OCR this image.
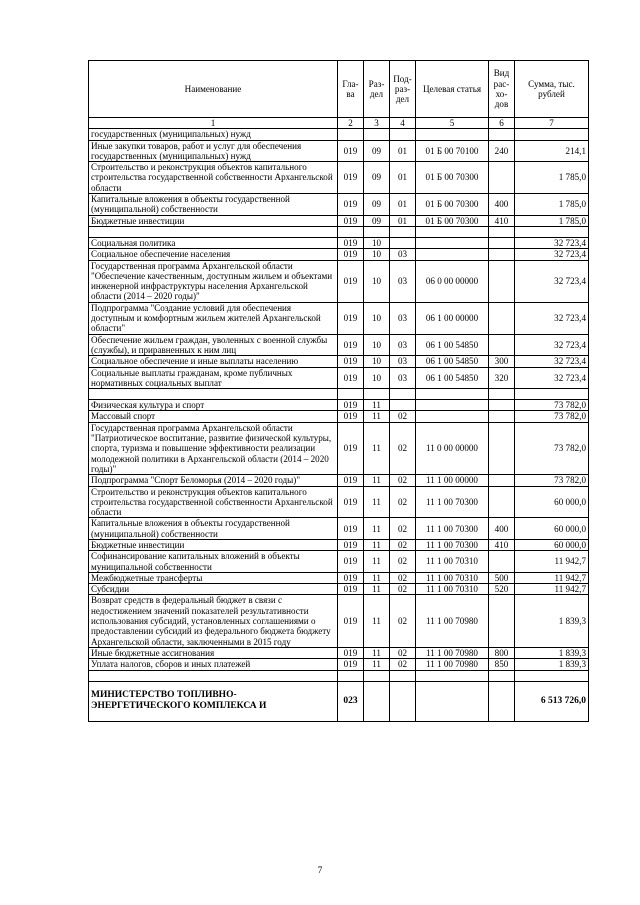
Наименование	Гла-ва	Раз-дел	Под-раз-дел	Целевая статья	Вид рас-хо-дов	Сумма, тыс. рублей
1	2	3	4	5	6	7
государственных (муниципальных) нужд						
Иные закупки товаров, работ и услуг для обеспечения государственных (муниципальных) нужд	019	09	01	01 Б 00 70100	240	214,1
Строительство и реконструкция объектов капитального строительства государственной собственности Архангельской области	019	09	01	01 Б 00 70300		1 785,0
Капитальные вложения в объекты государственной (муниципальной) собственности	019	09	01	01 Б 00 70300	400	1 785,0
Бюджетные инвестиции	019	09	01	01 Б 00 70300	410	1 785,0

Социальная политика	019	10				32 723,4
Социальное обеспечение населения	019	10	03			32 723,4
Государственная программа Архангельской области "Обеспечение качественным, доступным жильем и объектами инженерной инфраструктуры населения Архангельской области (2014 – 2020 годы)"	019	10	03	06 0 00 00000		32 723,4
Подпрограмма "Создание условий для обеспечения доступным и комфортным жильем жителей Архангельской области"	019	10	03	06 1 00 00000		32 723,4
Обеспечение жильем граждан, уволенных с военной службы (службы), и приравненных к ним лиц	019	10	03	06 1 00 54850		32 723,4
Социальное обеспечение и иные выплаты населению	019	10	03	06 1 00 54850	300	32 723,4
Социальные выплаты гражданам, кроме публичных нормативных социальных выплат	019	10	03	06 1 00 54850	320	32 723,4

Физическая культура и спорт	019	11				73 782,0
Массовый спорт	019	11	02			73 782,0
Государственная программа Архангельской области "Патриотическое воспитание, развитие физической культуры, спорта, туризма и повышение эффективности реализации молодежной политики в Архангельской области (2014 – 2020 годы)"	019	11	02	11 0 00 00000		73 782,0
Подпрограмма "Спорт Беломорья (2014 – 2020 годы)"	019	11	02	11 1 00 00000		73 782,0
Строительство и реконструкция объектов капитального строительства государственной собственности Архангельской области	019	11	02	11 1 00 70300		60 000,0
Капитальные вложения в объекты государственной (муниципальной) собственности	019	11	02	11 1 00 70300	400	60 000,0
Бюджетные инвестиции	019	11	02	11 1 00 70300	410	60 000,0
Софинансирование капитальных вложений в объекты муниципальной собственности	019	11	02	11 1 00 70310		11 942,7
Межбюджетные трансферты	019	11	02	11 1 00 70310	500	11 942,7
Субсидии	019	11	02	11 1 00 70310	520	11 942,7
Возврат средств в федеральный бюджет в связи с недостижением значений показателей результативности использования субсидий, установленных соглашениями о предоставлении субсидий из федерального бюджета бюджету Архангельской области, заключенными в 2015 году	019	11	02	11 1 00 70980		1 839,3
Иные бюджетные ассигнования	019	11	02	11 1 00 70980	800	1 839,3
Уплата налогов, сборов и иных платежей	019	11	02	11 1 00 70980	850	1 839,3

МИНИСТЕРСТВО ТОПЛИВНО-ЭНЕРГЕТИЧЕСКОГО КОМПЛЕКСА И	023					6 513 726,0
7
